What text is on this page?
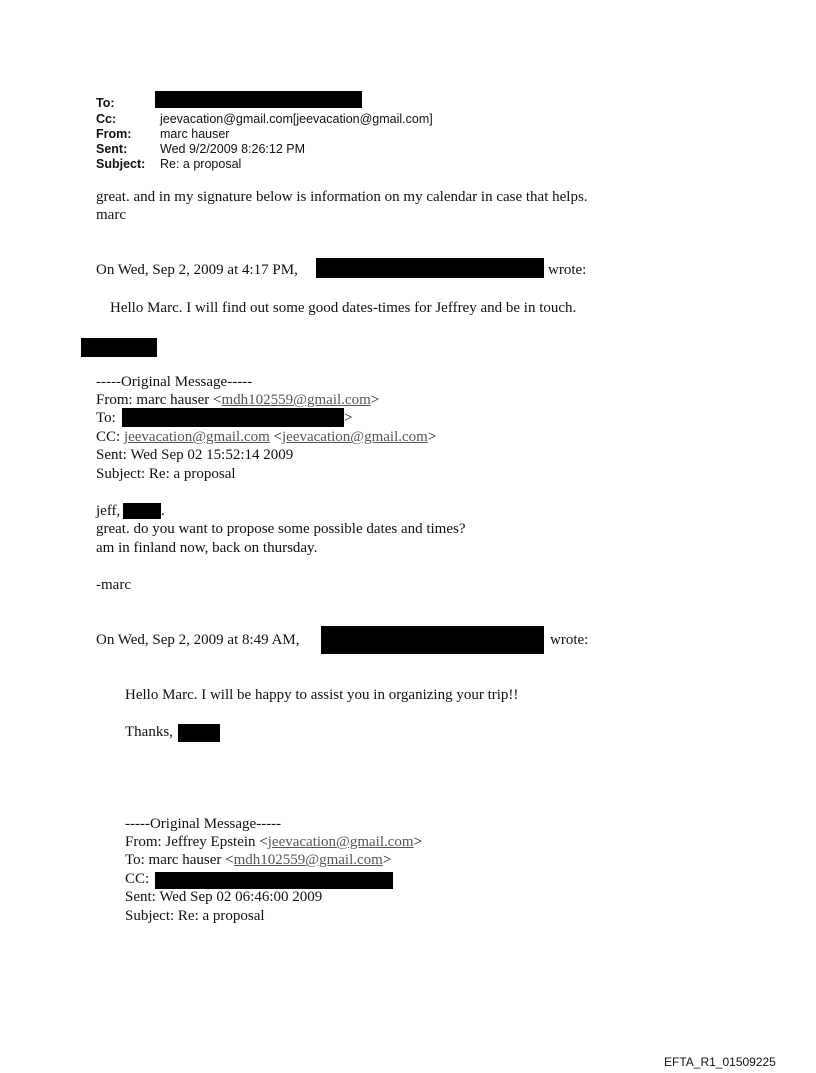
To:
Cc:	jeevacation@gmail.com[jeevacation@gmail.com]
From: marc hauser
Sent:	Wed 9/2/2009 8:26:12 PM
Subject: Re: a proposal
great. and in my signature below is information on my calendar in case that helps.
marc
On Wed, Sep 2, 2009 at 4:17 PM,	wrote:
Hello Marc. I will find out some good dates-times for Jeffrey and be in touch.
-----Original Message-----
From: marc hauser <mdh102559@gmail.com>
To:	>
CC: jeevacation@gmail.com <jeevacation@gmail.com>
Sent: Wed Sep 02 15:52:14 2009
Subject: Re: a proposal
jeff,	.
great. do you want to propose some possible dates and times?
am in finland now, back on thursday.
-marc
On Wed, Sep 2, 2009 at 8:49 AM,	wrote:
Hello Marc. I will be happy to assist you in organizing your trip!!
Thanks,
-----Original Message-----
From: Jeffrey Epstein <jeevacation@gmail.com>
To: marc hauser <mdh102559@gmail.com>
CC:
Sent: Wed Sep 02 06:46:00 2009
Subject: Re: a proposal
EFTA_R1_01509225
